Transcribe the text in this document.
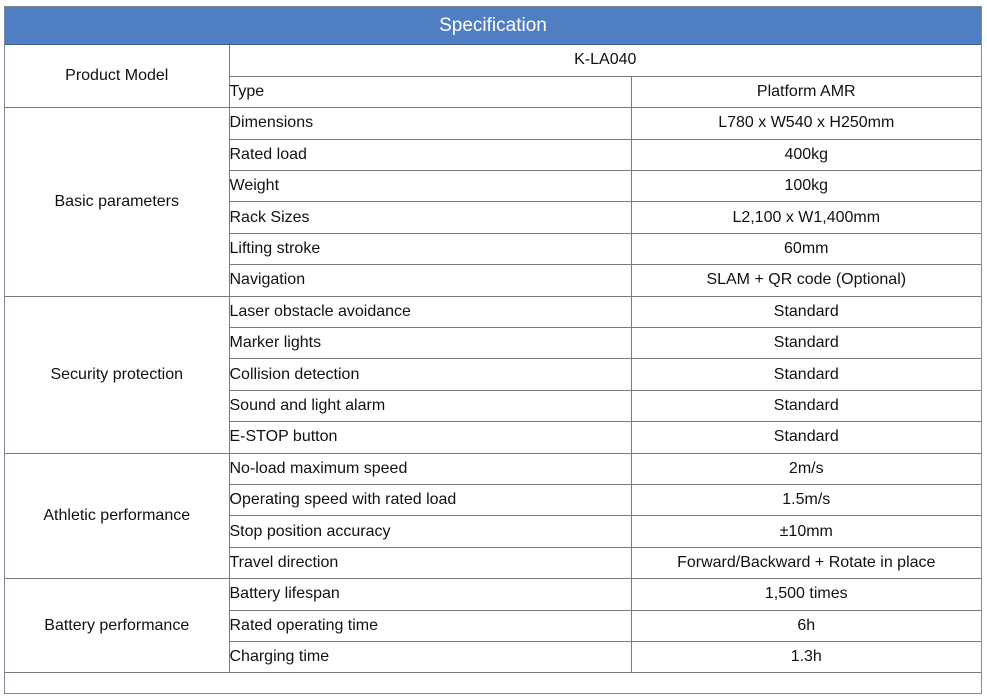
Specification
Product Model	K-LA040	
	Type	Platform AMR
Basic parameters	Dimensions	L780 x W540 x H250mm
	Rated load	400kg
	Weight	100kg
	Rack Sizes	L2,100 x W1,400mm
	Lifting stroke	60mm
	Navigation	SLAM + QR code (Optional)
Security protection	Laser obstacle avoidance	Standard
	Marker lights	Standard
	Collision detection	Standard
	Sound and light alarm	Standard
	E-STOP button	Standard
Athletic performance	No-load maximum speed	2m/s
	Operating speed with rated load	1.5m/s
	Stop position accuracy	±10mm
	Travel direction	Forward/Backward + Rotate in place
Battery performance	Battery lifespan	1,500 times
	Rated operating time	6h
	Charging time	1.3h
